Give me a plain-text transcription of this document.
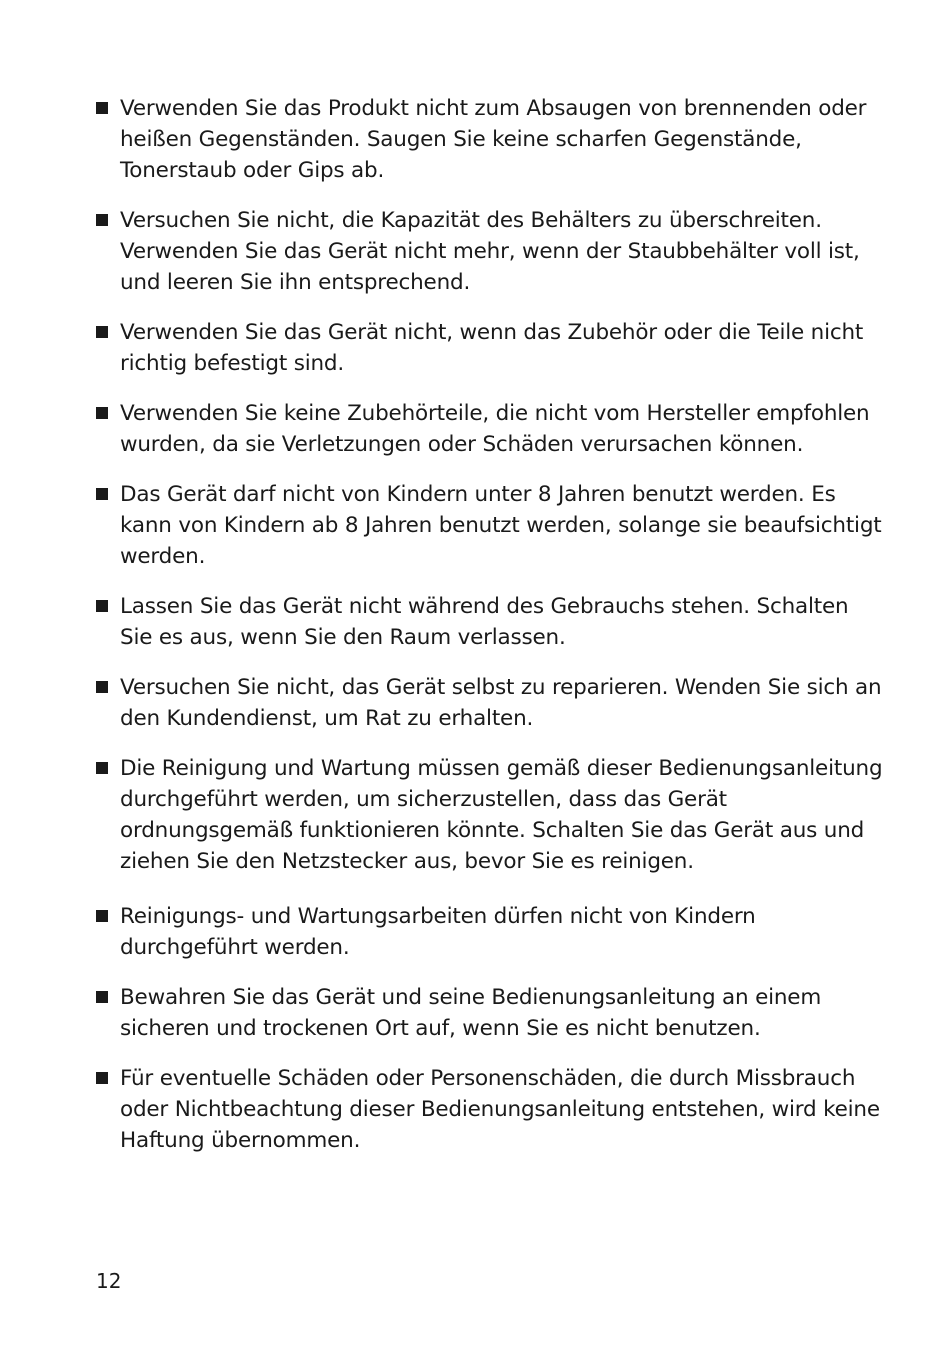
Verwenden Sie das Produkt nicht zum Absaugen von brennenden oder heißen Gegenständen. Saugen Sie keine scharfen Gegenstände, Tonerstaub oder Gips ab.
Versuchen Sie nicht, die Kapazität des Behälters zu überschreiten. Verwenden Sie das Gerät nicht mehr, wenn der Staubbehälter voll ist, und leeren Sie ihn entsprechend.
Verwenden Sie das Gerät nicht, wenn das Zubehör oder die Teile nicht richtig befestigt sind.
Verwenden Sie keine Zubehörteile, die nicht vom Hersteller empfohlen wurden, da sie Verletzungen oder Schäden verursachen können.
Das Gerät darf nicht von Kindern unter 8 Jahren benutzt werden. Es kann von Kindern ab 8 Jahren benutzt werden, solange sie beaufsichtigt werden.
Lassen Sie das Gerät nicht während des Gebrauchs stehen. Schalten Sie es aus, wenn Sie den Raum verlassen.
Versuchen Sie nicht, das Gerät selbst zu reparieren. Wenden Sie sich an den Kundendienst, um Rat zu erhalten.
Die Reinigung und Wartung müssen gemäß dieser Bedienungsanleitung durchgeführt werden, um sicherzustellen, dass das Gerät ordnungsgemäß funktionieren könnte. Schalten Sie das Gerät aus und ziehen Sie den Netzstecker aus, bevor Sie es reinigen.
Reinigungs- und Wartungsarbeiten dürfen nicht von Kindern durchgeführt werden.
Bewahren Sie das Gerät und seine Bedienungsanleitung an einem sicheren und trockenen Ort auf, wenn Sie es nicht benutzen.
Für eventuelle Schäden oder Personenschäden, die durch Missbrauch oder Nichtbeachtung dieser Bedienungsanleitung entstehen, wird keine Haftung übernommen.
12
